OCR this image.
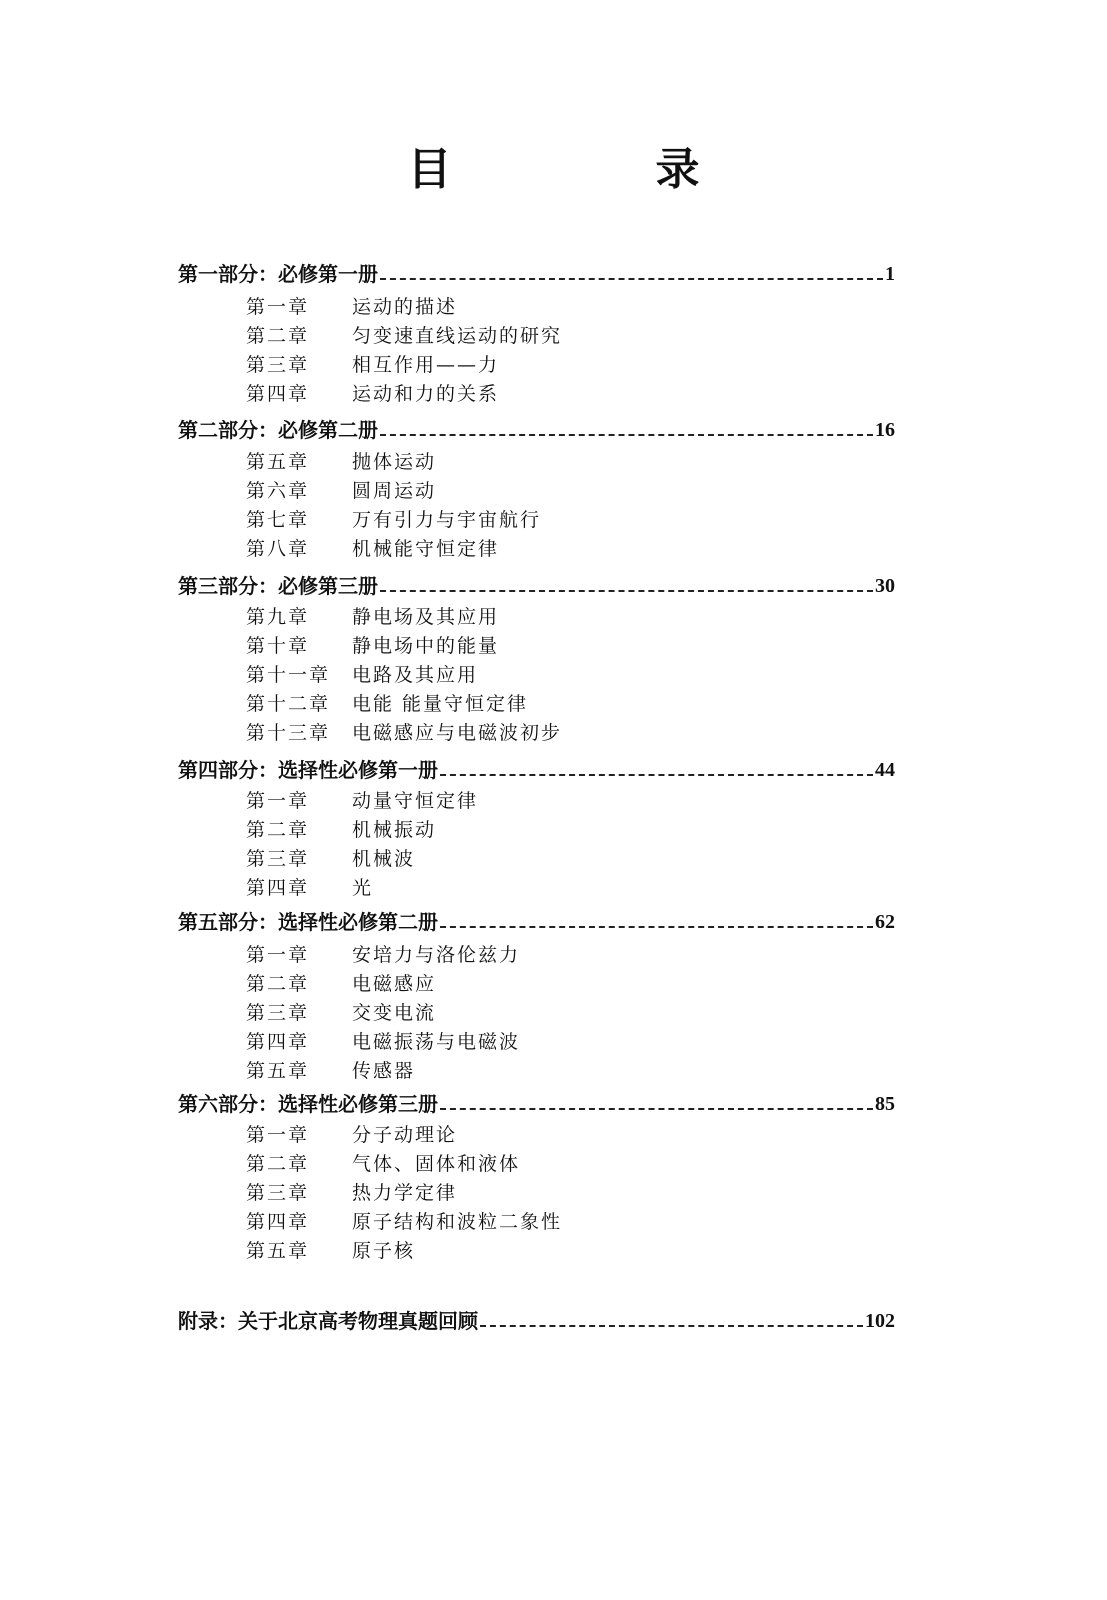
目　录
第一部分：必修第一册	1
第一章 运动的描述
第二章 匀变速直线运动的研究
第三章 相互作用——力
第四章 运动和力的关系
第二部分：必修第二册	16
第五章 抛体运动
第六章 圆周运动
第七章 万有引力与宇宙航行
第八章 机械能守恒定律
第三部分：必修第三册	30
第九章 静电场及其应用
第十章 静电场中的能量
第十一章 电路及其应用
第十二章 电能 能量守恒定律
第十三章 电磁感应与电磁波初步
第四部分：选择性必修第一册	44
第一章 动量守恒定律
第二章 机械振动
第三章 机械波
第四章 光
第五部分：选择性必修第二册	62
第一章 安培力与洛伦兹力
第二章 电磁感应
第三章 交变电流
第四章 电磁振荡与电磁波
第五章 传感器
第六部分：选择性必修第三册	85
第一章 分子动理论
第二章 气体、固体和液体
第三章 热力学定律
第四章 原子结构和波粒二象性
第五章 原子核
附录：关于北京高考物理真题回顾	102
